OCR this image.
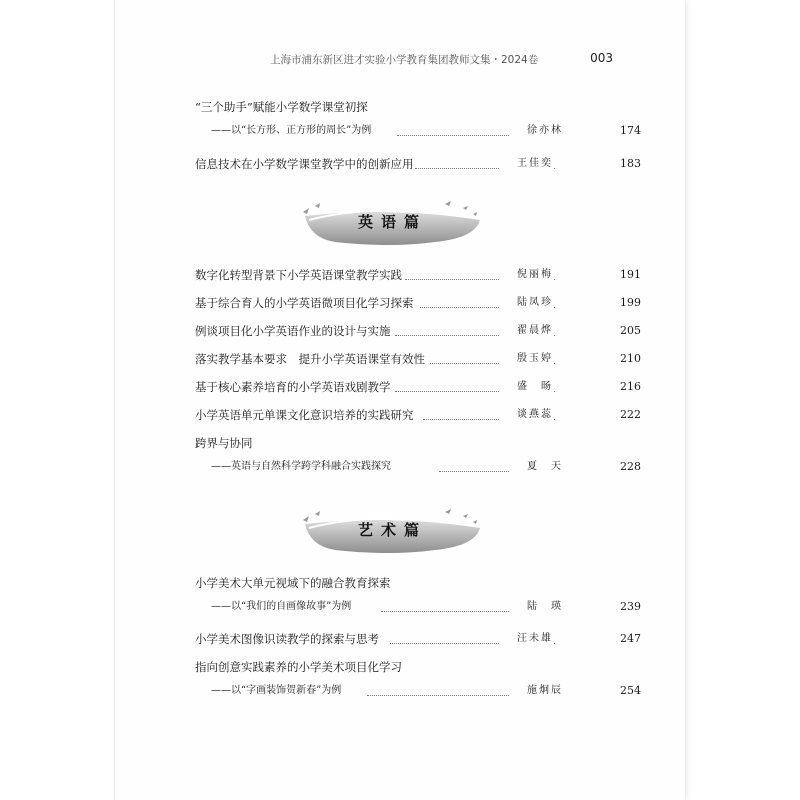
上海市浦东新区进才实验小学教育集团教师文集・2024卷	003
“三个助手”赋能小学数学课堂初探
——以“长方形、正方形的周长”为例	徐亦林	174
信息技术在小学数学课堂教学中的创新应用	王佳奕	183
英语篇
数字化转型背景下小学英语课堂教学实践	倪丽梅	191
基于综合育人的小学英语微项目化学习探索	陆凤珍	199
例谈项目化小学英语作业的设计与实施	翟晨烨	205
落实教学基本要求　提升小学英语课堂有效性	殷玉婷	210
基于核心素养培育的小学英语戏剧教学	盛　旸	216
小学英语单元单课文化意识培养的实践研究	谈燕蕊	222
跨界与协同
——英语与自然科学跨学科融合实践探究	夏　天	228
艺术篇
小学美术大单元视域下的融合教育探索
——以“我们的自画像故事”为例	陆　瑛	239
小学美术图像识读教学的探索与思考	汪未雄	247
指向创意实践素养的小学美术项目化学习
——以“字画装饰贺新春”为例	施炯辰	254
